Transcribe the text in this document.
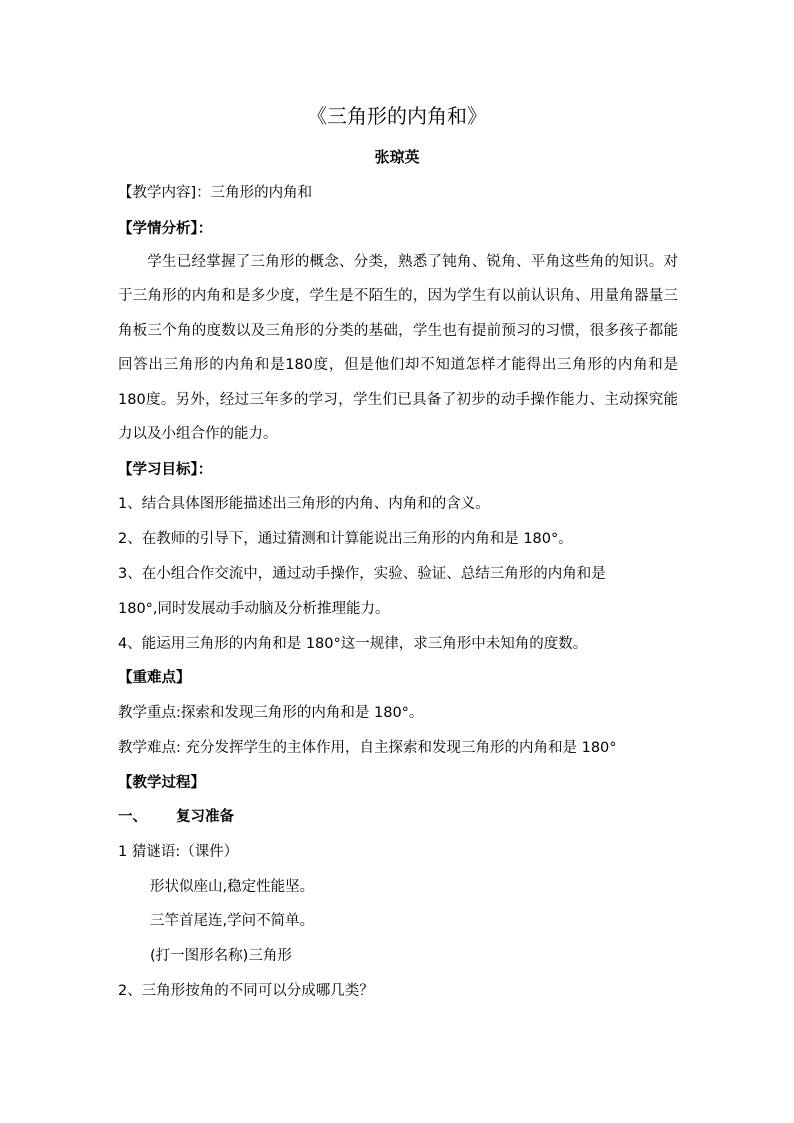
《三角形的内角和》
张琼英
【教学内容]：三角形的内角和
【学情分析】：
学生已经掌握了三角形的概念、分类，熟悉了钝角、锐角、平角这些角的知识。对于三角形的内角和是多少度，学生是不陌生的，因为学生有以前认识角、用量角器量三角板三个角的度数以及三角形的分类的基础，学生也有提前预习的习惯，很多孩子都能回答出三角形的内角和是180度，但是他们却不知道怎样才能得出三角形的内角和是180度。另外，经过三年多的学习，学生们已具备了初步的动手操作能力、主动探究能力以及小组合作的能力。
【学习目标】：
1、结合具体图形能描述出三角形的内角、内角和的含义。
2、在教师的引导下，通过猜测和计算能说出三角形的内角和是 180°。
3、在小组合作交流中，通过动手操作，实验、验证、总结三角形的内角和是
180°,同时发展动手动脑及分析推理能力。
4、能运用三角形的内角和是 180°这一规律，求三角形中未知角的度数。
【重难点】
教学重点:探索和发现三角形的内角和是 180°。
教学难点: 充分发挥学生的主体作用，自主探索和发现三角形的内角和是 180°
【教学过程】
一、 复习准备
1 猜谜语:（课件）
形状似座山,稳定性能坚。
三竿首尾连,学问不简单。
(打一图形名称)三角形
2、三角形按角的不同可以分成哪几类？
